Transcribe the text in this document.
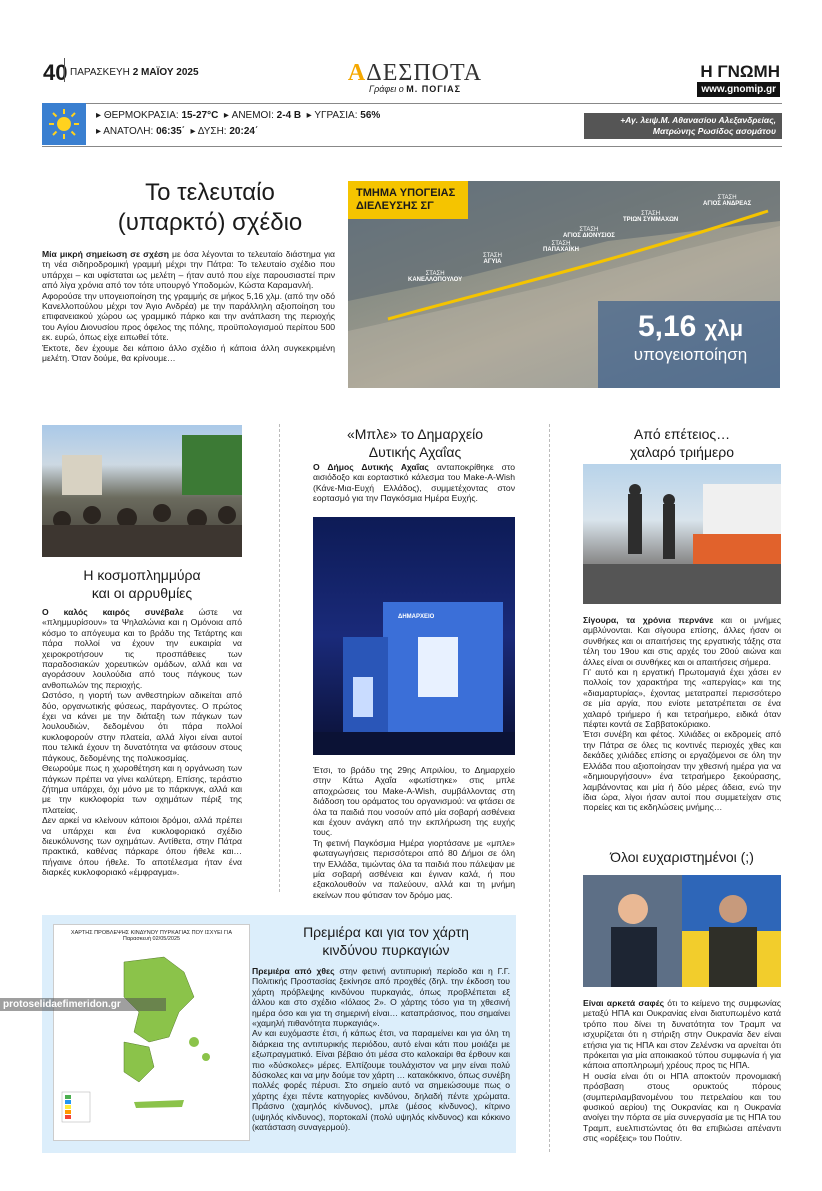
40 ΠΑΡΑΣΚΕΥΗ 2 ΜΑΪΟΥ 2025	ΑΔΕΣΠΟΤΑ
Γράφει ο Μ. ΠΟΓΙΑΣ
Η ΓΝΩΜΗ
www.gnomip.gr
▸ ΘΕΡΜΟΚΡΑΣΙΑ: 15-27°C  ▸ ΑΝΕΜΟΙ: 2-4 Β  ▸ ΥΓΡΑΣΙΑ: 56%
▸ ΑΝΑΤΟΛΗ: 06:35΄  ▸ ΔΥΣΗ: 20:24΄
+Αγ. λειψ.Μ. Αθανασίου Αλεξανδρείας,
Ματρώνης Ρωσίδος ασομάτου
Το τελευταίο
(υπαρκτό) σχέδιο

Μία μικρή σημείωση σε σχέση με όσα λέγονται το τελευταίο διάστημα για τη νέα σιδηροδρομική γραμμή μέχρι την Πάτρα: Το τελευταίο σχέδιο που υπάρχει – και υφίσταται ως μελέτη – ήταν αυτό που είχε παρουσιαστεί πριν από λίγα χρόνια από τον τότε υπουργό Υποδομών, Κώστα Καραμανλή.

Αφορούσε την υπογειοποίηση της γραμμής σε μήκος 5,16 χλμ. (από την οδό Κανελλοπούλου μέχρι τον Άγιο Ανδρέα) με την παράλληλη αξιοποίηση του επιφανειακού χώρου ως γραμμικό πάρκο και την ανάπλαση της περιοχής του Αγίου Διονυσίου προς όφελος της πόλης, προϋπολογισμού περίπου 500 εκ. ευρώ, όπως είχε ειπωθεί τότε.

Έκτοτε, δεν έχουμε δει κάποιο άλλο σχέδιο ή κάποια άλλη συγκεκριμένη μελέτη. Όταν δούμε, θα κρίνουμε…

ΤΜΗΜΑ ΥΠΟΓΕΙΑΣ
ΔΙΕΛΕΥΣΗΣ ΣΓ
ΣΤΑΣΗ
ΚΑΝΕΛΛΟΠΟΥΛΟΥ
ΣΤΑΣΗ
ΑΓΥΙΑ
ΣΤΑΣΗ
ΠΑΠΑΧΑΪΚΗ
ΣΤΑΣΗ
ΑΓΙΟΣ ΔΙΟΝΥΣΙΟΣ
ΣΤΑΣΗ
ΤΡΙΩΝ ΣΥΜΜΑΧΩΝ
ΣΤΑΣΗ
ΑΓΙΟΣ ΑΝΔΡΕΑΣ
5,16 χλμ
υπογειοποίηση
Η κοσμοπλημμύρα
και οι αρρυθμίες

Ο καλός καιρός συνέβαλε ώστε να «πλημμυρίσουν» τα Ψηλαλώνια και η Ομόνοια από κόσμο το απόγευμα και το βράδυ της Τετάρτης και πάρα πολλοί να έχουν την ευκαιρία να χειροκροτήσουν τις προσπάθειες των παραδοσιακών χορευτικών ομάδων, αλλά και να αγοράσουν λουλούδια από τους πάγκους των ανθοπωλών της περιοχής.

Ωστόσο, η γιορτή των ανθεστηρίων αδικείται από δύο, οργανωτικής φύσεως, παράγοντες. Ο πρώτος έχει να κάνει με την διάταξη των πάγκων των λουλουδιών, δεδομένου ότι πάρα πολλοί κυκλοφορούν στην πλατεία, αλλά λίγοι είναι αυτοί που τελικά έχουν τη δυνατότητα να φτάσουν στους πάγκους, δεδομένης της πολυκοσμίας.

Θεωρούμε πως η χωροθέτηση και η οργάνωση των πάγκων πρέπει να γίνει καλύτερη. Επίσης, τεράστιο ζήτημα υπάρχει, όχι μόνο με το πάρκινγκ, αλλά και με την κυκλοφορία των οχημάτων πέριξ της πλατείας.

Δεν αρκεί να κλείνουν κάποιοι δρόμοι, αλλά πρέπει να υπάρχει και ένα κυκλοφοριακό σχέδιο διευκόλυνσης των οχημάτων. Αντίθετα, στην Πάτρα πρακτικά, καθένας πάρκαρε όπου ήθελε και… πήγαινε όπου ήθελε. Το αποτέλεσμα ήταν ένα διαρκές κυκλοφοριακό «έμφραγμα».

«Μπλε» το Δημαρχείο
Δυτικής Αχαΐας

Ο Δήμος Δυτικής Αχαΐας ανταποκρίθηκε στο αισιόδοξο και εορταστικό κάλεσμα του Make-A-Wish (Κάνε-Μια-Ευχή Ελλάδος), συμμετέχοντας στον εορτασμό για την Παγκόσμια Ημέρα Ευχής.

ΔΗΜΑΡΧΕΙΟ

Έτσι, το βράδυ της 29ης Απριλίου, το Δημαρχείο στην Κάτω Αχαΐα «φωτίστηκε» στις μπλε αποχρώσεις του Make-A-Wish, συμβάλλοντας στη διάδοση του οράματος του οργανισμού: να φτάσει σε όλα τα παιδιά που νοσούν από μία σοβαρή ασθένεια και έχουν ανάγκη από την εκπλήρωση της ευχής τους.

Τη φετινή Παγκόσμια Ημέρα γιορτάσανε με «μπλε» φωταγωγήσεις περισσότεροι από 80 Δήμοι σε όλη την Ελλάδα, τιμώντας όλα τα παιδιά που πάλεψαν με μία σοβαρή ασθένεια και έγιναν καλά, ή που εξακολουθούν να παλεύουν, αλλά και τη μνήμη εκείνων που φύτισαν τον δρόμο μας.

Από επέτειος…
χαλαρό τριήμερο

Σίγουρα, τα χρόνια περνάνε και οι μνήμες αμβλύνονται. Και σίγουρα επίσης, άλλες ήσαν οι συνθήκες και οι απαιτήσεις της εργατικής τάξης στα τέλη του 19ου και στις αρχές του 20ού αιώνα και άλλες είναι οι συνθήκες και οι απαιτήσεις σήμερα.

Γι' αυτό και η εργατική Πρωτομαγιά έχει χάσει εν πολλοίς τον χαρακτήρα της «απεργίας» και της «διαμαρτυρίας», έχοντας μετατραπεί περισσότερο σε μία αργία, που ενίοτε μετατρέπεται σε ένα χαλαρό τριήμερο ή και τετραήμερο, ειδικά όταν πέφτει κοντά σε Σαββατοκύριακο.

Έτσι συνέβη και φέτος. Χιλιάδες οι εκδρομείς από την Πάτρα σε όλες τις κοντινές περιοχές χθες και δεκάδες χιλιάδες επίσης οι εργαζόμενοι σε όλη την Ελλάδα που αξιοποίησαν την χθεσινή ημέρα για να «δημιουργήσουν» ένα τετραήμερο ξεκούρασης, λαμβάνοντας και μία ή δύο μέρες άδεια, ενώ την ίδια ώρα, λίγοι ήσαν αυτοί που συμμετείχαν στις πορείες και τις εκδηλώσεις μνήμης…

Όλοι ευχαριστημένοι (;)

Είναι αρκετά σαφές ότι το κείμενο της συμφωνίας μεταξύ ΗΠΑ και Ουκρανίας είναι διατυπωμένο κατά τρόπο που δίνει τη δυνατότητα τον Τραμπ να ισχυρίζεται ότι η στήριξη στην Ουκρανία δεν είναι ετήσια για τις ΗΠΑ και στον Ζελένσκι να αρνείται ότι πρόκειται για μία αποικιακού τύπου συμφωνία ή για κάποια αποπληρωμή χρέους προς τις ΗΠΑ.

Η ουσία είναι ότι οι ΗΠΑ αποκτούν προνομιακή πρόσβαση στους ορυκτούς πόρους (συμπεριλαμβανομένου του πετρελαίου και του φυσικού αερίου) της Ουκρανίας και η Ουκρανία ανοίγει την πόρτα σε μία συνεργασία με τις ΗΠΑ του Τραμπ, ευελπιστώντας ότι θα επιβιώσει απέναντι στις «ορέξεις» του Πούτιν.

ΧΑΡΤΗΣ ΠΡΟΒΛΕΨΗΣ ΚΙΝΔΥΝΟΥ ΠΥΡΚΑΓΙΑΣ ΠΟΥ ΙΣΧΥΕΙ ΓΙΑ
Παρασκευή 02/05/2025
protoselidaefimeridon.gr
Πρεμιέρα και για τον χάρτη
κινδύνου πυρκαγιών

Πρεμιέρα από χθες στην φετινή αντιπυρική περίοδο και η Γ.Γ. Πολιτικής Προστασίας ξεκίνησε από προχθές (δηλ. την έκδοση του χάρτη πρόβλεψης κινδύνου πυρκαγιάς, όπως προβλέπεται εξ άλλου και στο σχέδιο «Ιόλαος 2». Ο χάρτης τόσο για τη χθεσινή ημέρα όσο και για τη σημερινή είναι… καταπράσινος, που σημαίνει «χαμηλή πιθανότητα πυρκαγιάς».

Αν και ευχόμαστε έτσι, ή κάπως έτσι, να παραμείνει και για όλη τη διάρκεια της αντιπυρικής περιόδου, αυτό είναι κάτι που μοιάζει με εξωπραγματικό. Είναι βέβαιο ότι μέσα στο καλοκαίρι θα έρθουν και πιο «δύσκολες» μέρες. Ελπίζουμε τουλάχιστον να μην είναι πολύ δύσκολες και να μην δούμε τον χάρτη … κατακόκκινο, όπως συνέβη πολλές φορές πέρυσι. Στο σημείο αυτό να σημειώσουμε πως ο χάρτης έχει πέντε κατηγορίες κινδύνου, δηλαδή πέντε χρώματα. Πράσινο (χαμηλός κίνδυνος), μπλε (μέσος κίνδυνος), κίτρινο (υψηλός κίνδυνος), πορτοκαλί (πολύ υψηλός κίνδυνος) και κόκκινο (κατάσταση συναγερμού).
